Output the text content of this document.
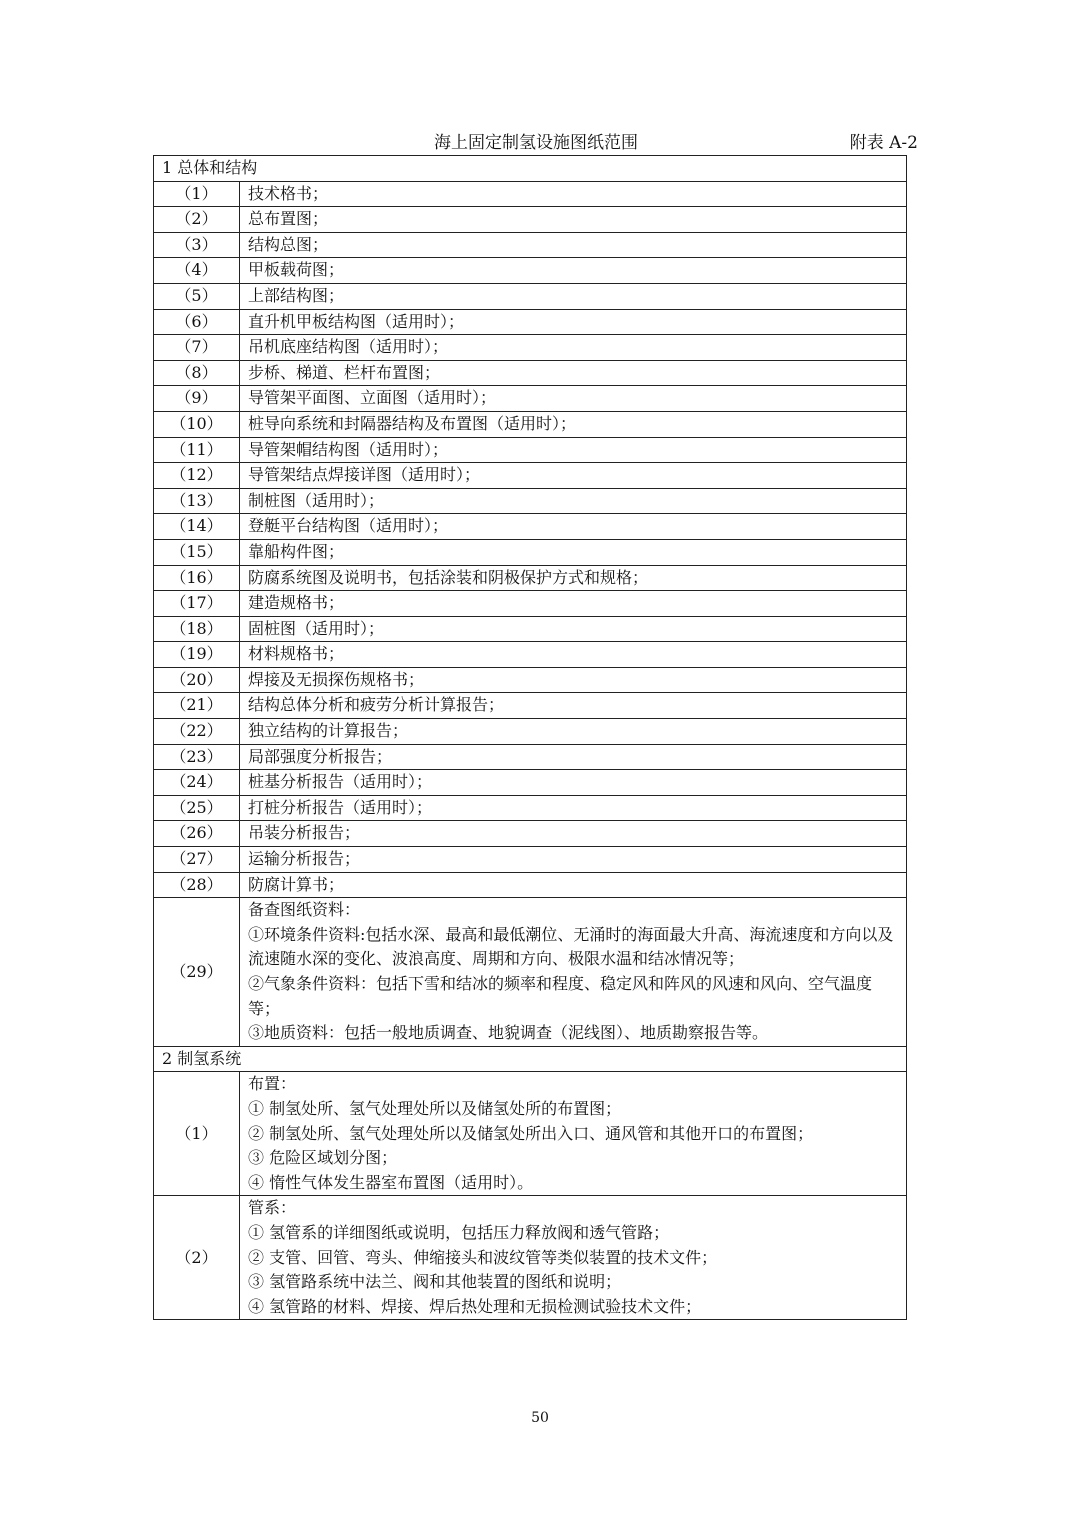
海上固定制氢设施图纸范围	附表 A-2
1 总体和结构	
（1）	技术格书；
（2）	总布置图；
（3）	结构总图；
（4）	甲板载荷图；
（5）	上部结构图；
（6）	直升机甲板结构图（适用时）；
（7）	吊机底座结构图（适用时）；
（8）	步桥、梯道、栏杆布置图；
（9）	导管架平面图、立面图（适用时）；
（10）	桩导向系统和封隔器结构及布置图（适用时）；
（11）	导管架帽结构图（适用时）；
（12）	导管架结点焊接详图（适用时）；
（13）	制桩图（适用时）；
（14）	登艇平台结构图（适用时）；
（15）	靠船构件图；
（16）	防腐系统图及说明书，包括涂装和阴极保护方式和规格；
（17）	建造规格书；
（18）	固桩图（适用时）；
（19）	材料规格书；
（20）	焊接及无损探伤规格书；
（21）	结构总体分析和疲劳分析计算报告；
（22）	独立结构的计算报告；
（23）	局部强度分析报告；
（24）	桩基分析报告（适用时）；
（25）	打桩分析报告（适用时）；
（26）	吊装分析报告；
（27）	运输分析报告；
（28）	防腐计算书；
（29）	备查图纸资料：
①环境条件资料:包括水深、最高和最低潮位、无涌时的海面最大升高、海流速度和方向以及流速随水深的变化、波浪高度、周期和方向、极限水温和结冰情况等；
②气象条件资料：包括下雪和结冰的频率和程度、稳定风和阵风的风速和风向、空气温度等；
③地质资料：包括一般地质调查、地貌调查（泥线图）、地质勘察报告等。

2 制氢系统	
（1）	布置：
① 制氢处所、氢气处理处所以及储氢处所的布置图；
② 制氢处所、氢气处理处所以及储氢处所出入口、通风管和其他开口的布置图；
③ 危险区域划分图；
④ 惰性气体发生器室布置图（适用时）。

（2）	管系：
① 氢管系的详细图纸或说明，包括压力释放阀和透气管路；
② 支管、回管、弯头、伸缩接头和波纹管等类似装置的技术文件；
③ 氢管路系统中法兰、阀和其他装置的图纸和说明；
④ 氢管路的材料、焊接、焊后热处理和无损检测试验技术文件；
50
